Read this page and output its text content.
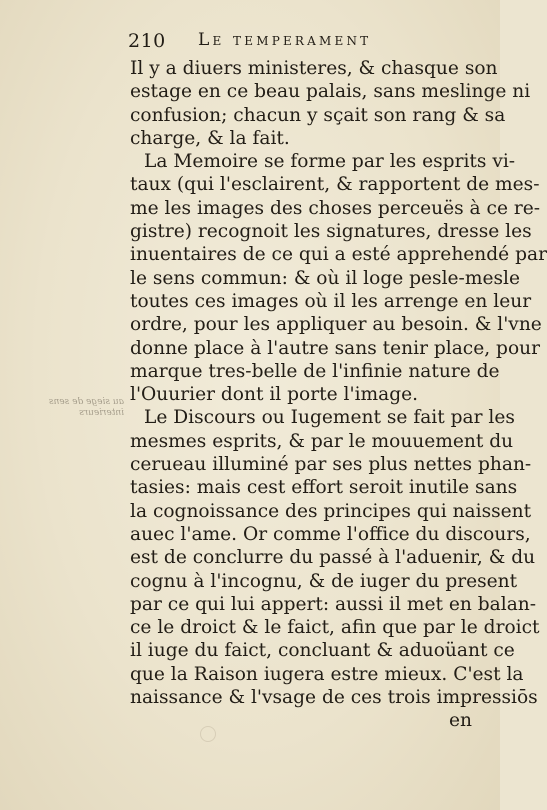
210 Le temperament
au siege de sens interieurs
Il y a diuers ministeres, & chasque son
estage en ce beau palais, sans meslinge ni
confusion; chacun y sçait son rang & sa
charge, & la fait.
La Memoire se forme par les esprits vi-
taux (qui l'esclairent, & rapportent de mes-
me les images des choses perceuës à ce re-
gistre) recognoit les signatures, dresse les
inuentaires de ce qui a esté apprehendé par
le sens commun: & où il loge pesle-mesle
toutes ces images où il les arrenge en leur
ordre, pour les appliquer au besoin. & l'vne
donne place à l'autre sans tenir place, pour
marque tres-belle de l'infinie nature de
l'Ouurier dont il porte l'image.
Le Discours ou Iugement se fait par les
mesmes esprits, & par le mouuement du
cerueau illuminé par ses plus nettes phan-
tasies: mais cest effort seroit inutile sans
la cognoissance des principes qui naissent
auec l'ame. Or comme l'office du discours,
est de conclurre du passé à l'aduenir, & du
cognu à l'incognu, & de iuger du present
par ce qui lui appert: aussi il met en balan-
ce le droict & le faict, afin que par le droict
il iuge du faict, concluant & aduoüant ce
que la Raison iugera estre mieux. C'est la
naissance & l'vsage de ces trois impressiōs
en
